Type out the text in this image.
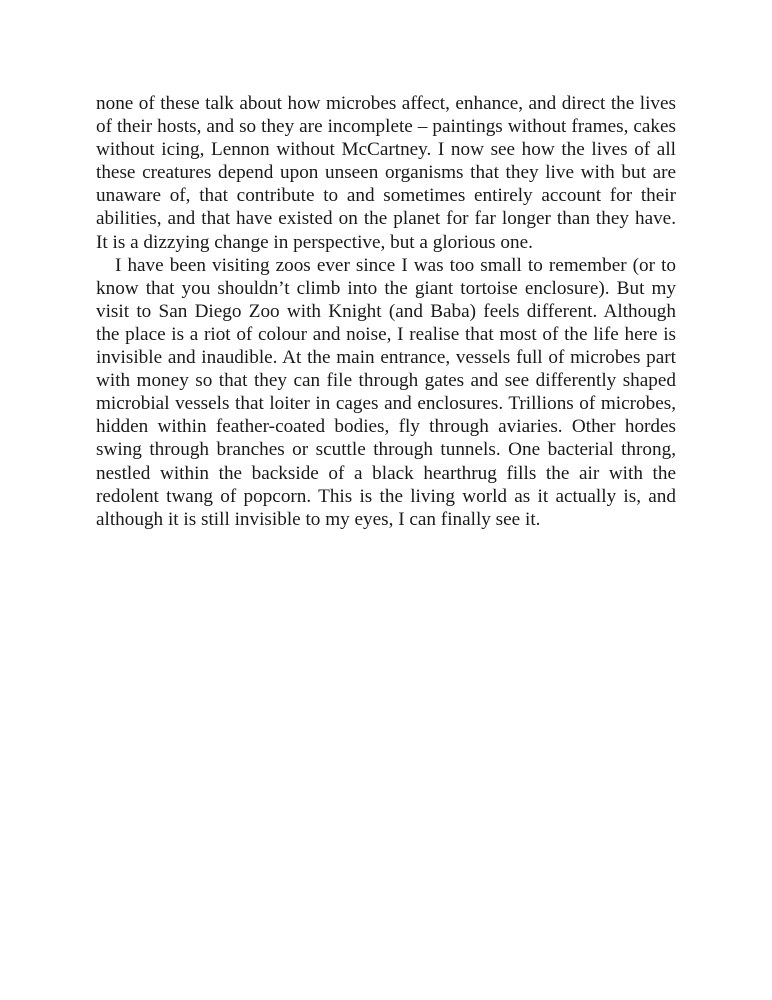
none of these talk about how microbes affect, enhance, and direct the lives of their hosts, and so they are incomplete – paintings without frames, cakes without icing, Lennon without McCartney. I now see how the lives of all these creatures depend upon unseen organisms that they live with but are unaware of, that contribute to and sometimes entirely account for their abilities, and that have existed on the planet for far longer than they have. It is a dizzying change in perspective, but a glorious one.

I have been visiting zoos ever since I was too small to remember (or to know that you shouldn’t climb into the giant tortoise enclosure). But my visit to San Diego Zoo with Knight (and Baba) feels different. Although the place is a riot of colour and noise, I realise that most of the life here is invisible and inaudible. At the main entrance, vessels full of microbes part with money so that they can file through gates and see differently shaped microbial vessels that loiter in cages and enclosures. Trillions of microbes, hidden within feather-coated bodies, fly through aviaries. Other hordes swing through branches or scuttle through tunnels. One bacterial throng, nestled within the backside of a black hearthrug fills the air with the redolent twang of popcorn. This is the living world as it actually is, and although it is still invisible to my eyes, I can finally see it.
